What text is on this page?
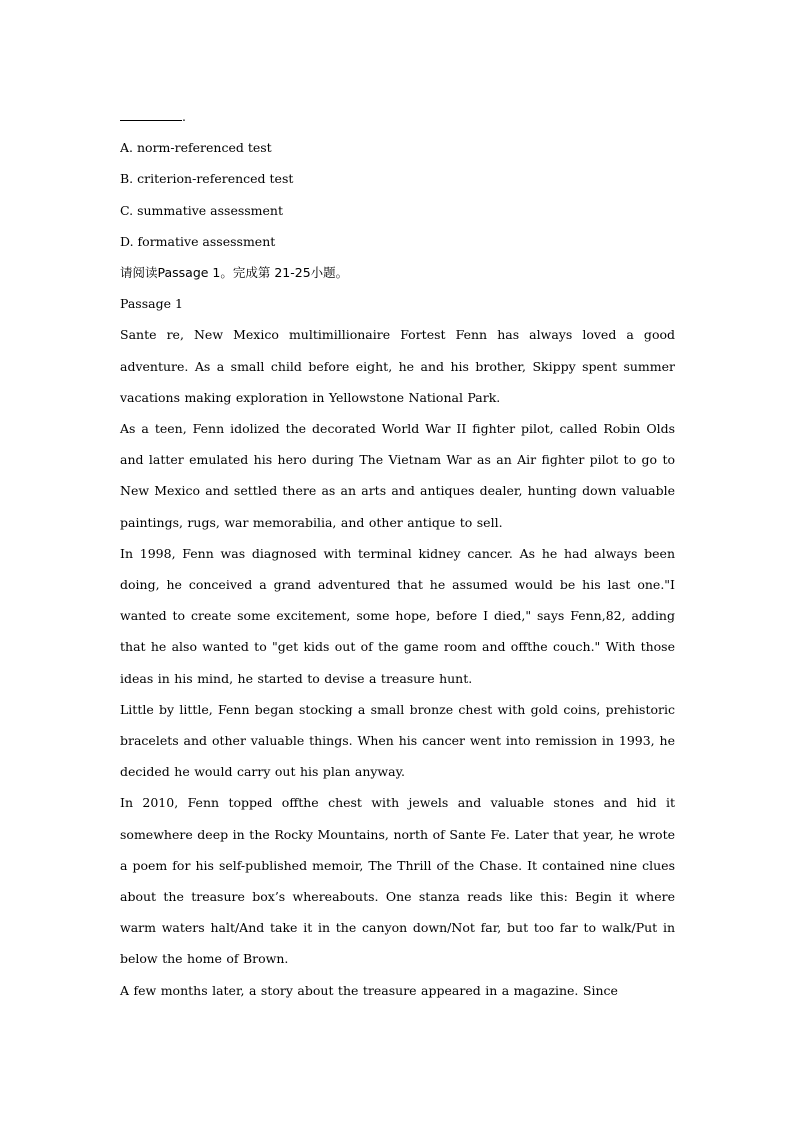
.
A. norm-referenced test
B. criterion-referenced test
C. summative assessment
D. formative assessment
请阅读Passage 1。完成第 21-25小题。
Passage 1
Sante re, New Mexico multimillionaire Fortest Fenn has always loved a good adventure. As a small child before eight, he and his brother, Skippy spent summer vacations making exploration in Yellowstone National Park.
As a teen, Fenn idolized the decorated World War II fighter pilot, called Robin Olds and latter emulated his hero during The Vietnam War as an Air fighter pilot to go to New Mexico and settled there as an arts and antiques dealer, hunting down valuable paintings, rugs, war memorabilia, and other antique to sell.
In 1998, Fenn was diagnosed with terminal kidney cancer. As he had always been doing, he conceived a grand adventured that he assumed would be his last one."I wanted to create some excitement, some hope, before I died," says Fenn,82, adding that he also wanted to "get kids out of the game room and offthe couch." With those ideas in his mind, he started to devise a treasure hunt.
Little by little, Fenn began stocking a small bronze chest with gold coins, prehistoric bracelets and other valuable things. When his cancer went into remission in 1993, he decided he would carry out his plan anyway.
In 2010, Fenn topped offthe chest with jewels and valuable stones and hid it somewhere deep in the Rocky Mountains, north of Sante Fe. Later that year, he wrote a poem for his self-published memoir, The Thrill of the Chase. It contained nine clues about the treasure box’s whereabouts. One stanza reads like this: Begin it where warm waters halt/And take it in the canyon down/Not far, but too far to walk/Put in below the home of Brown.
A few months later, a story about the treasure appeared in a magazine. Since
